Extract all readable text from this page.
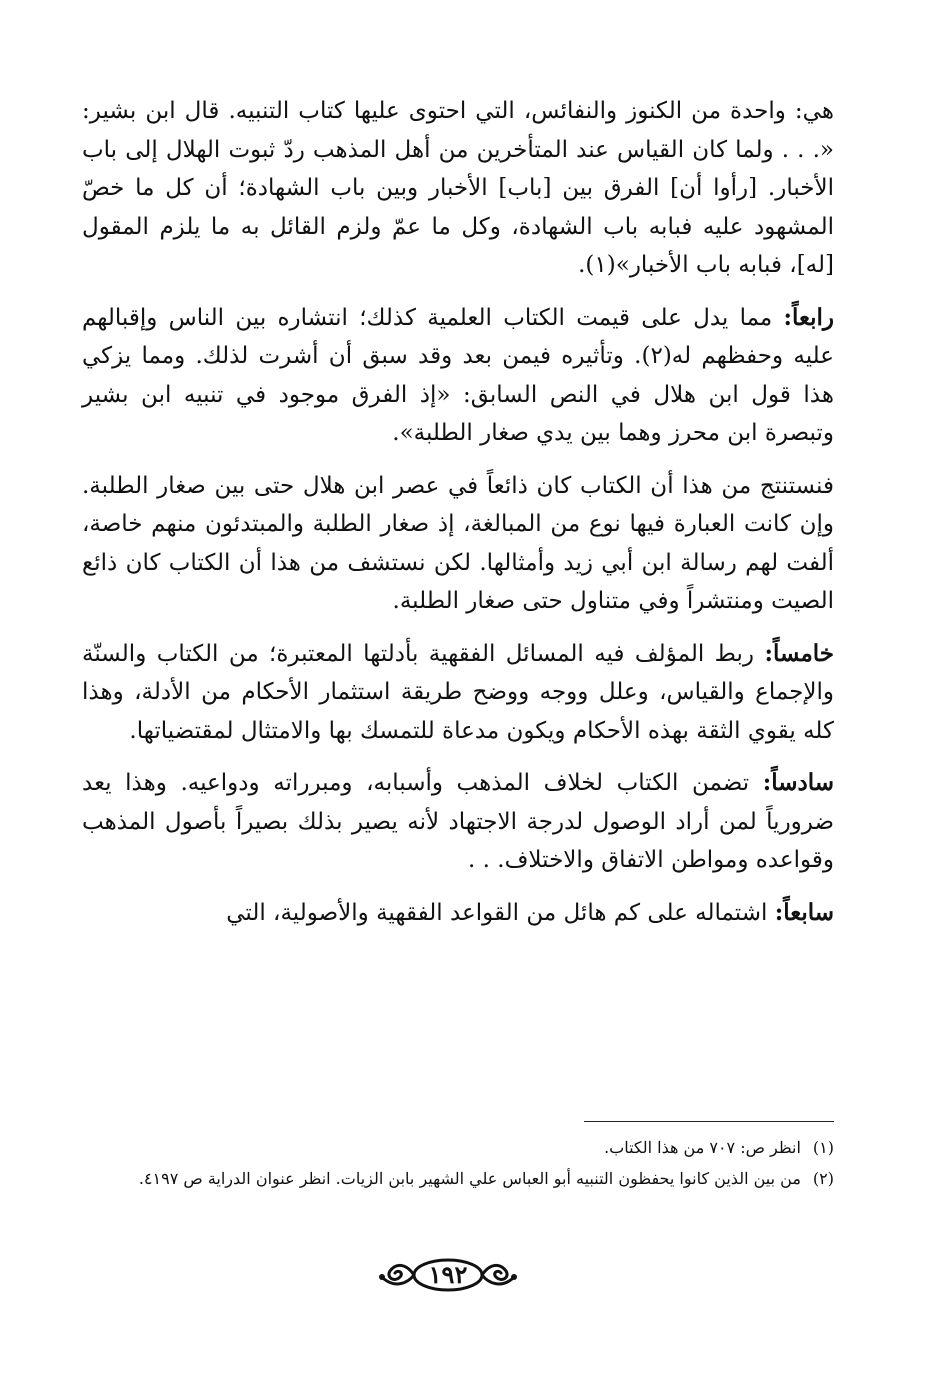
هي: واحدة من الكنوز والنفائس، التي احتوى عليها كتاب التنبيه. قال ابن بشير: «. . . ولما كان القياس عند المتأخرين من أهل المذهب ردّ ثبوت الهلال إلى باب الأخبار. [رأوا أن] الفرق بين [باب] الأخبار وبين باب الشهادة؛ أن كل ما خصّ المشهود عليه فبابه باب الشهادة، وكل ما عمّ ولزم القائل به ما يلزم المقول [له]، فبابه باب الأخبار»(١).

رابعاً: مما يدل على قيمت الكتاب العلمية كذلك؛ انتشاره بين الناس وإقبالهم عليه وحفظهم له(٢). وتأثيره فيمن بعد وقد سبق أن أشرت لذلك. ومما يزكي هذا قول ابن هلال في النص السابق: «إذ الفرق موجود في تنبيه ابن بشير وتبصرة ابن محرز وهما بين يدي صغار الطلبة».

فنستنتج من هذا أن الكتاب كان ذائعاً في عصر ابن هلال حتى بين صغار الطلبة. وإن كانت العبارة فيها نوع من المبالغة، إذ صغار الطلبة والمبتدئون منهم خاصة، ألفت لهم رسالة ابن أبي زيد وأمثالها. لكن نستشف من هذا أن الكتاب كان ذائع الصيت ومنتشراً وفي متناول حتى صغار الطلبة.

خامساً: ربط المؤلف فيه المسائل الفقهية بأدلتها المعتبرة؛ من الكتاب والسنّة والإجماع والقياس، وعلل ووجه ووضح طريقة استثمار الأحكام من الأدلة، وهذا كله يقوي الثقة بهذه الأحكام ويكون مدعاة للتمسك بها والامتثال لمقتضياتها.

سادساً: تضمن الكتاب لخلاف المذهب وأسبابه، ومبرراته ودواعيه. وهذا يعد ضرورياً لمن أراد الوصول لدرجة الاجتهاد لأنه يصير بذلك بصيراً بأصول المذهب وقواعده ومواطن الاتفاق والاختلاف. . .

سابعاً: اشتماله على كم هائل من القواعد الفقهية والأصولية، التي

(١)
انظر ص: ٧٠٧ من هذا الكتاب.

(٢)
من بين الذين كانوا يحفظون التنبيه أبو العباس علي الشهير بابن الزيات. انظر عنوان الدراية ص ٤١٩٧.

١٩٢
